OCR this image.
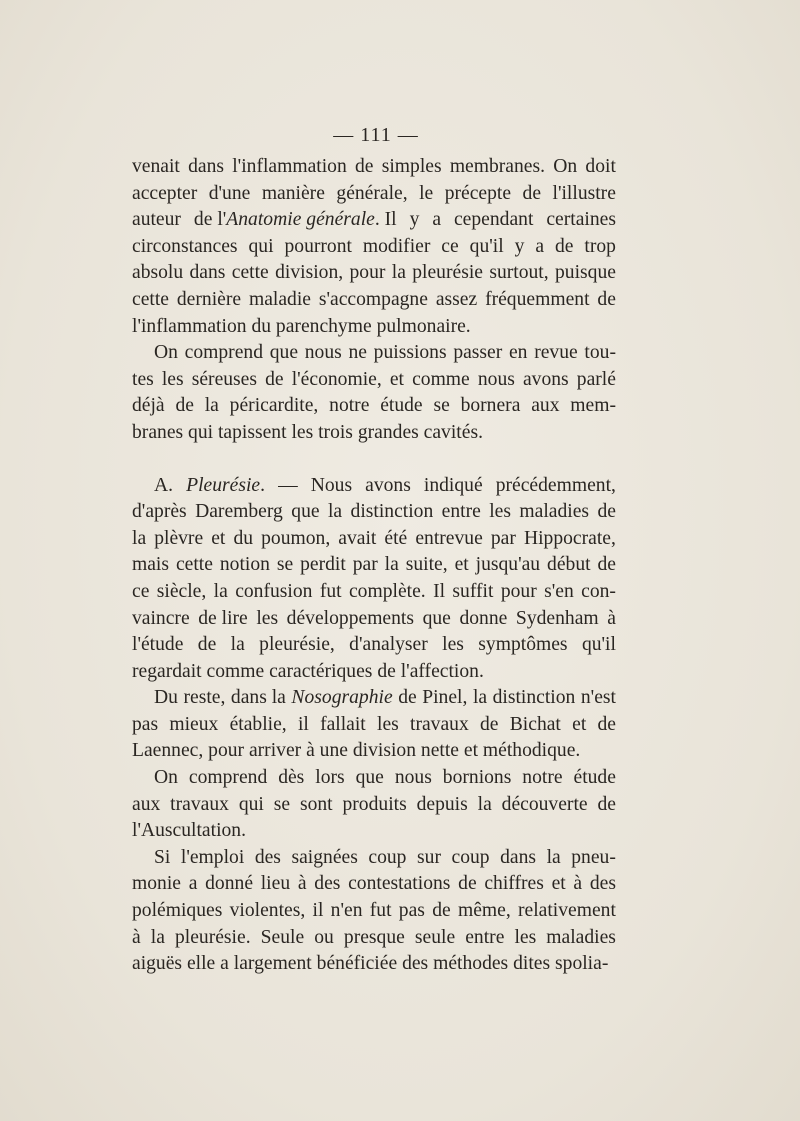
— 111 —
venait dans l'inflammation de simples membranes. On doit
accepter d'une manière générale, le précepte de l'illustre
auteur de l'Anatomie générale. Il y a cependant certaines
circonstances qui pourront modifier ce qu'il y a de trop
absolu dans cette division, pour la pleurésie surtout, puisque
cette dernière maladie s'accompagne assez fréquemment de
l'inflammation du parenchyme pulmonaire.
On comprend que nous ne puissions passer en revue tou-
tes les séreuses de l'économie, et comme nous avons parlé
déjà de la péricardite, notre étude se bornera aux mem-
branes qui tapissent les trois grandes cavités.
A. Pleurésie. — Nous avons indiqué précédemment,
d'après Daremberg que la distinction entre les maladies de
la plèvre et du poumon, avait été entrevue par Hippocrate,
mais cette notion se perdit par la suite, et jusqu'au début de
ce siècle, la confusion fut complète. Il suffit pour s'en con-
vaincre de lire les développements que donne Sydenham à
l'étude de la pleurésie, d'analyser les symptômes qu'il
regardait comme caractériques de l'affection.
Du reste, dans la Nosographie de Pinel, la distinction n'est
pas mieux établie, il fallait les travaux de Bichat et de
Laennec, pour arriver à une division nette et méthodique.
On comprend dès lors que nous bornions notre étude
aux travaux qui se sont produits depuis la découverte de
l'Auscultation.
Si l'emploi des saignées coup sur coup dans la pneu-
monie a donné lieu à des contestations de chiffres et à des
polémiques violentes, il n'en fut pas de même, relativement
à la pleurésie. Seule ou presque seule entre les maladies
aiguës
elle
a
largement
bénéficiée
des
méthodes
dites
spolia-
